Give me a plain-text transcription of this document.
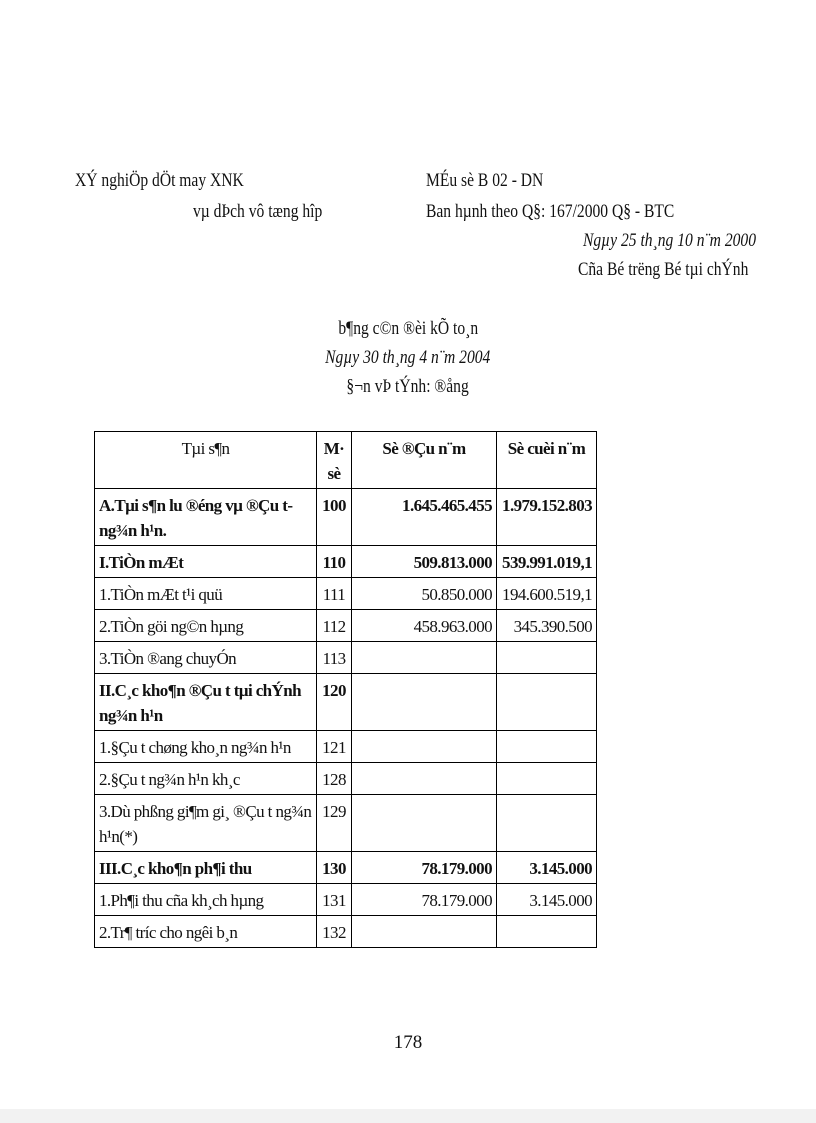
XÝ nghiÖp dÖt may XNK
vµ dÞch vô tæng hîp
MÉu sè B 02 - DN
Ban hµnh theo Q§: 167/2000 Q§ - BTC
Ngµy 25 th¸ng 10 n¨m 2000
Cña Bé trëng Bé tµi chÝnh
b¶ng c©n ®èi kÕ to¸n
Ngµy 30 th¸ng 4 n¨m 2004
§¬n vÞ tÝnh: ®ång
Tµi s¶n	M· sè	Sè ®Çu n¨m	Sè cuèi n¨m
A.Tµi s¶n lu ®éng vµ ®Çu t ng¾n h¹n.	100	1.645.465.455	1.979.152.803
I.TiÒn mÆt	110	509.813.000	539.991.019,1
1.TiÒn mÆt t¹i quü	111	50.850.000	194.600.519,1
2.TiÒn göi ng©n hµng	112	458.963.000	345.390.500
3.TiÒn ®ang chuyÓn	113		
II.C¸c kho¶n ®Çu t tµi chÝnh ng¾n h¹n	120		
1.§Çu t chøng kho¸n ng¾n h¹n	121		
2.§Çu t ng¾n h¹n kh¸c	128		
3.Dù phßng gi¶m gi¸ ®Çu t ng¾n h¹n(*)	129		
III.C¸c kho¶n ph¶i thu	130	78.179.000	3.145.000
1.Ph¶i thu cña kh¸ch hµng	131	78.179.000	3.145.000
2.Tr¶ tríc cho ngêi b¸n	132		
178
